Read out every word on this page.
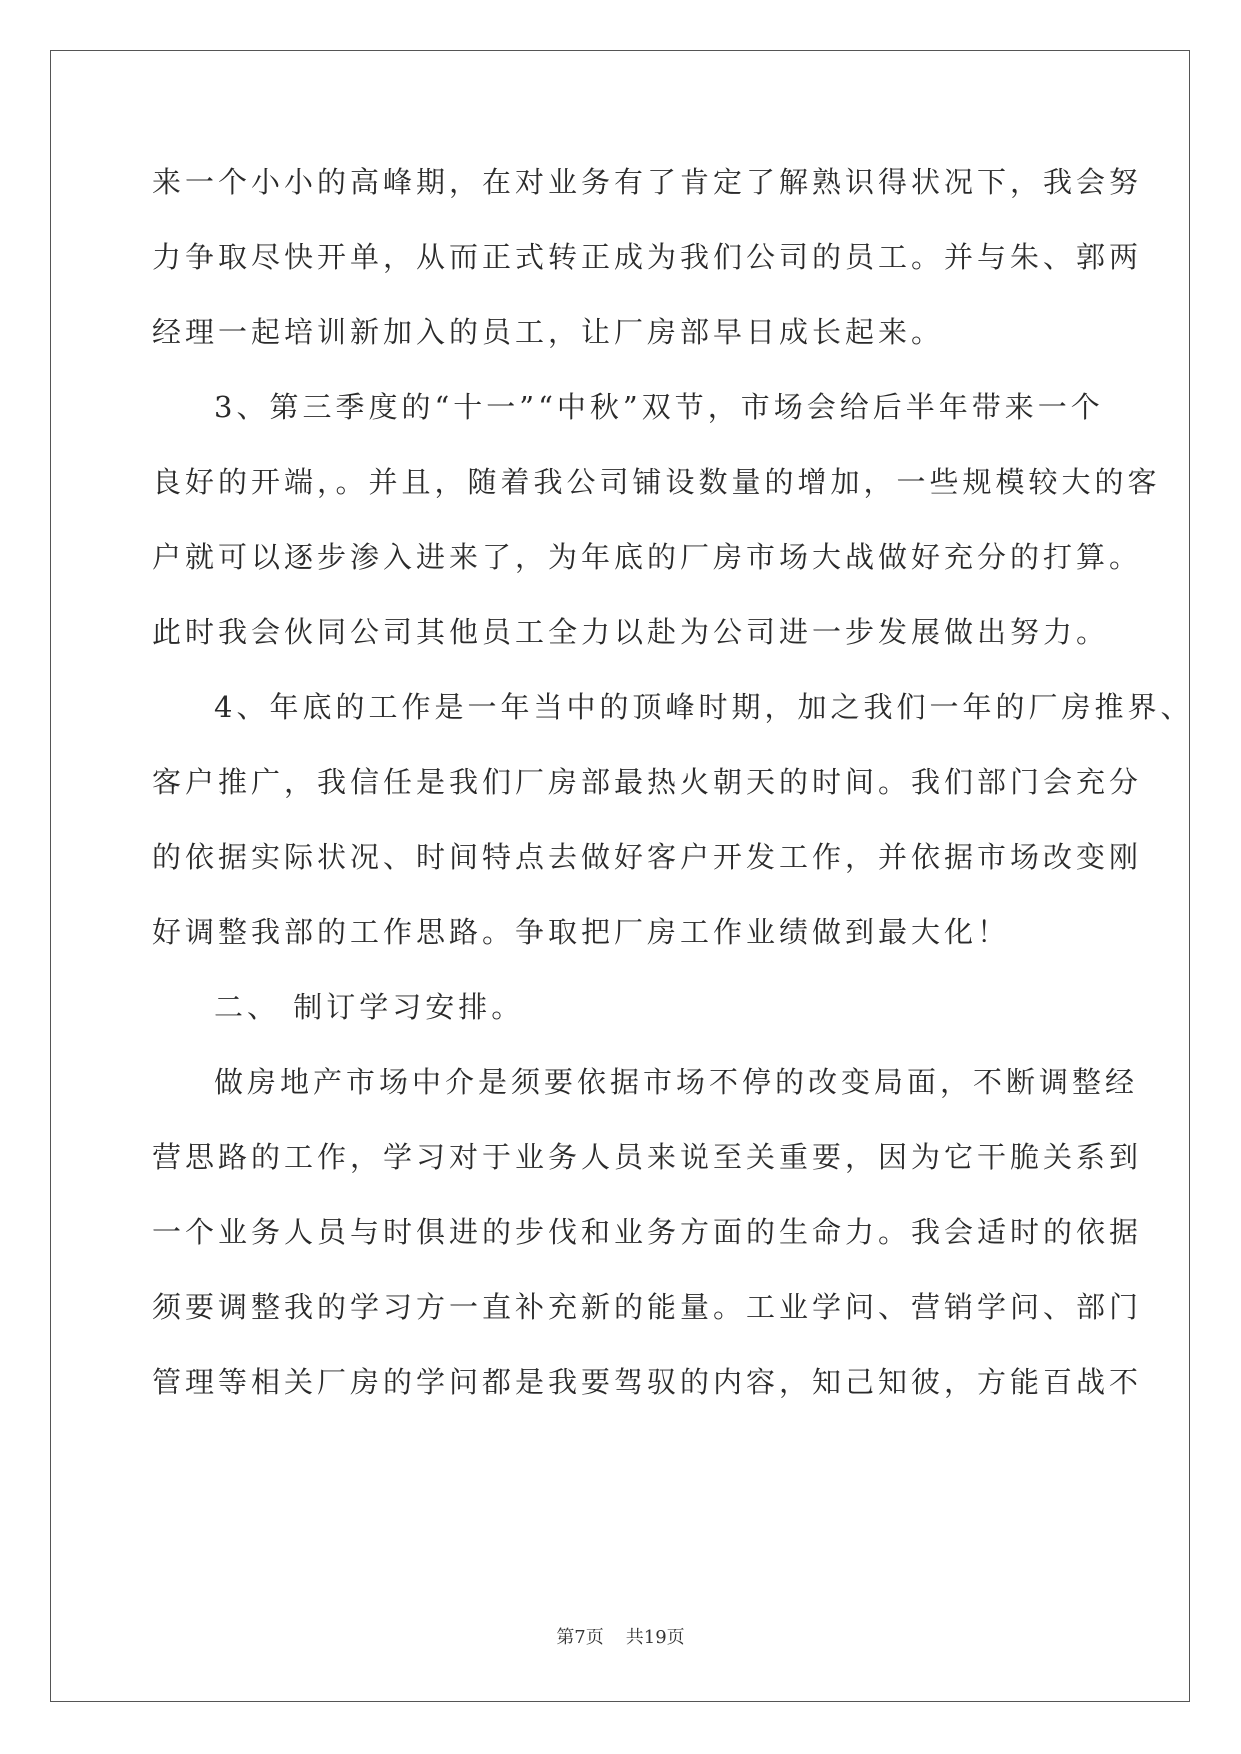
来一个小小的高峰期，在对业务有了肯定了解熟识得状况下，我会努
力争取尽快开单，从而正式转正成为我们公司的员工。并与朱、郭两
经理一起培训新加入的员工，让厂房部早日成长起来。
3、第三季度的“十一”“中秋”双节，市场会给后半年带来一个
良好的开端，。并且，随着我公司铺设数量的增加，一些规模较大的客
户就可以逐步渗入进来了，为年底的厂房市场大战做好充分的打算。
此时我会伙同公司其他员工全力以赴为公司进一步发展做出努力。
4、年底的工作是一年当中的顶峰时期，加之我们一年的厂房推界、
客户推广，我信任是我们厂房部最热火朝天的时间。我们部门会充分
的依据实际状况、时间特点去做好客户开发工作，并依据市场改变刚
好调整我部的工作思路。争取把厂房工作业绩做到最大化！
二、 制订学习安排。
做房地产市场中介是须要依据市场不停的改变局面，不断调整经
营思路的工作，学习对于业务人员来说至关重要，因为它干脆关系到
一个业务人员与时俱进的步伐和业务方面的生命力。我会适时的依据
须要调整我的学习方一直补充新的能量。工业学问、营销学问、部门
管理等相关厂房的学问都是我要驾驭的内容，知己知彼，方能百战不
第7页 共19页
